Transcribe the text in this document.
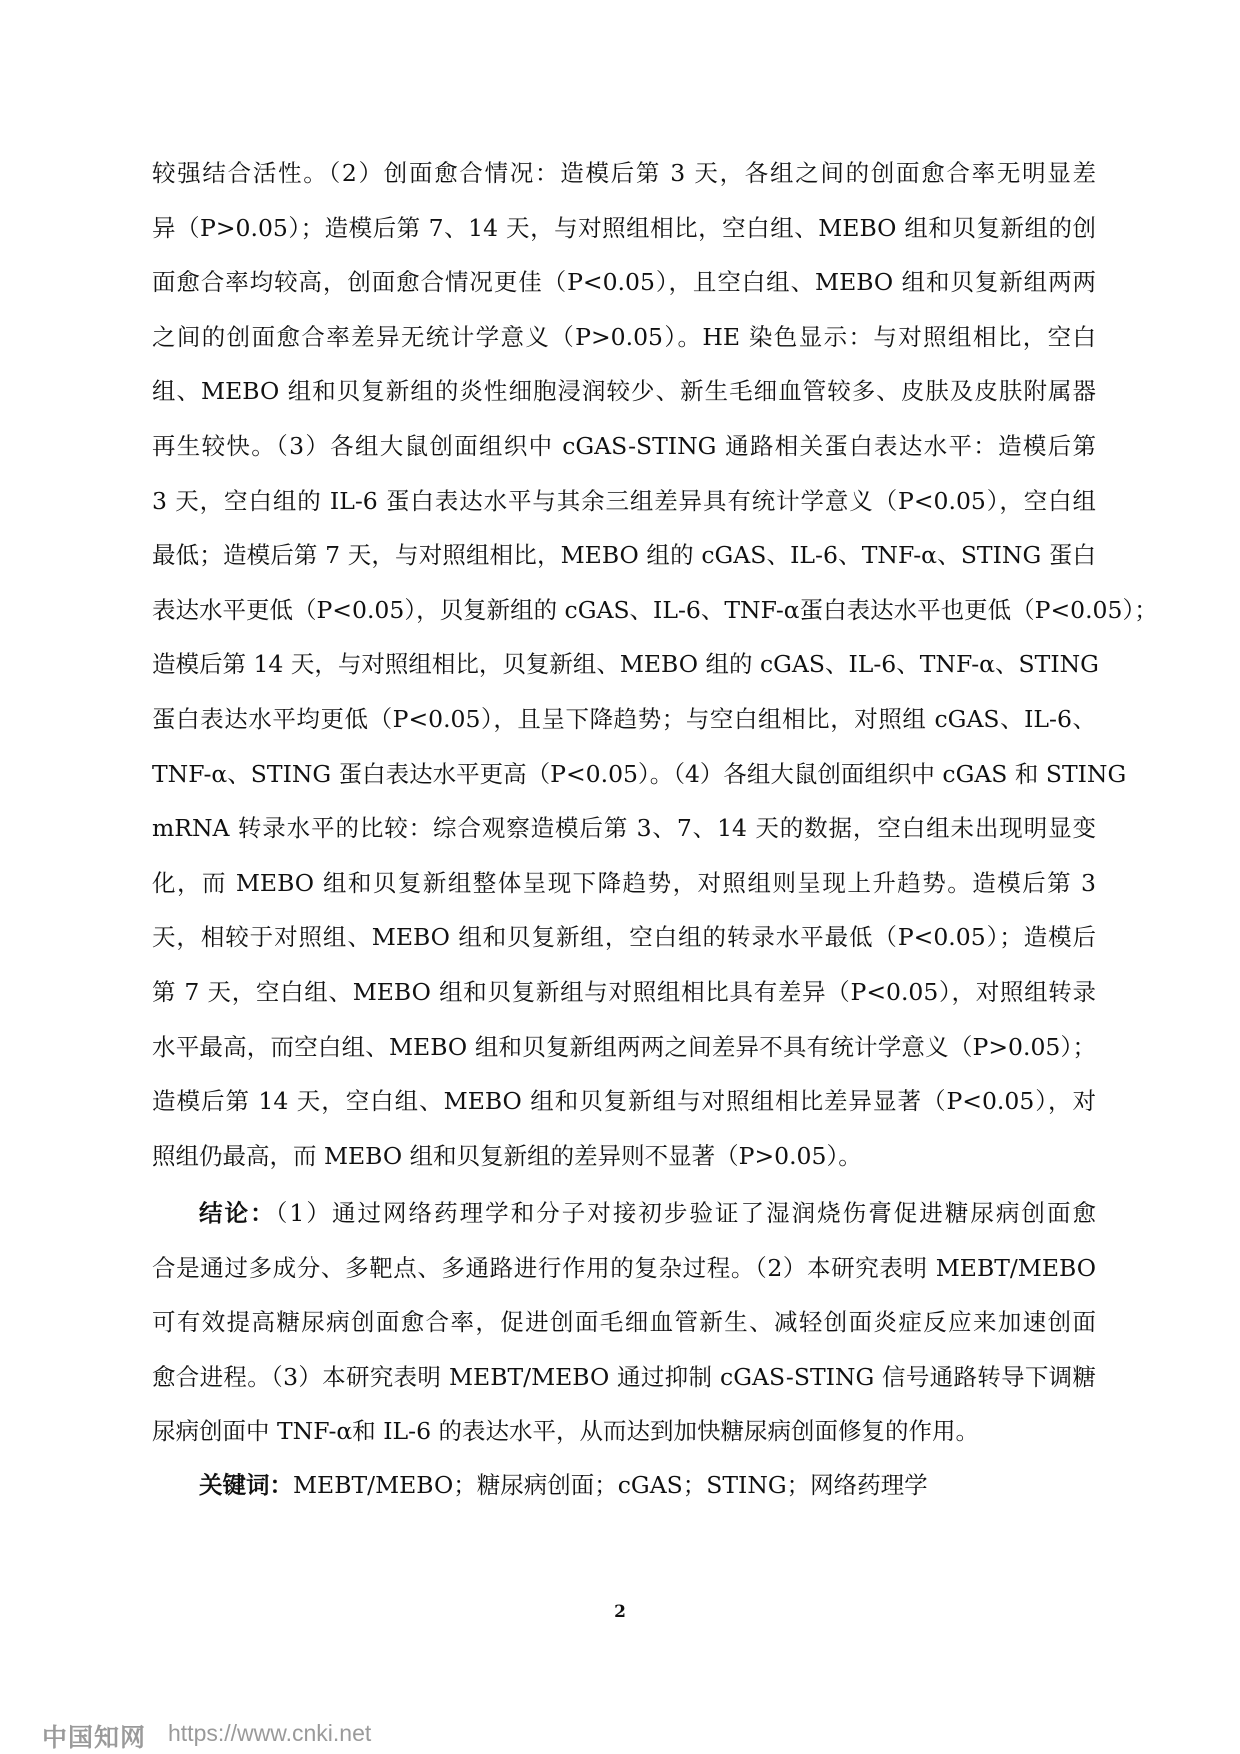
较强结合活性。（2）创面愈合情况：造模后第 3 天，各组之间的创面愈合率无明显差
异（P>0.05）；造模后第 7、14 天，与对照组相比，空白组、MEBO 组和贝复新组的创
面愈合率均较高，创面愈合情况更佳（P<0.05），且空白组、MEBO 组和贝复新组两两
之间的创面愈合率差异无统计学意义（P>0.05）。HE 染色显示：与对照组相比，空白
组、MEBO 组和贝复新组的炎性细胞浸润较少、新生毛细血管较多、皮肤及皮肤附属器
再生较快。（3）各组大鼠创面组织中 cGAS-STING 通路相关蛋白表达水平：造模后第
3 天，空白组的 IL-6 蛋白表达水平与其余三组差异具有统计学意义（P<0.05），空白组
最低；造模后第 7 天，与对照组相比，MEBO 组的 cGAS、IL-6、TNF-α、STING 蛋白
表达水平更低（P<0.05），贝复新组的 cGAS、IL-6、TNF-α蛋白表达水平也更低（P<0.05）；
造模后第 14 天，与对照组相比，贝复新组、MEBO 组的 cGAS、IL-6、TNF-α、STING
蛋白表达水平均更低（P<0.05），且呈下降趋势；与空白组相比，对照组 cGAS、IL-6、
TNF-α、STING 蛋白表达水平更高（P<0.05）。（4）各组大鼠创面组织中 cGAS 和 STING
mRNA 转录水平的比较：综合观察造模后第 3、7、14 天的数据，空白组未出现明显变
化，而 MEBO 组和贝复新组整体呈现下降趋势，对照组则呈现上升趋势。造模后第 3
天，相较于对照组、MEBO 组和贝复新组，空白组的转录水平最低（P<0.05）；造模后
第 7 天，空白组、MEBO 组和贝复新组与对照组相比具有差异（P<0.05），对照组转录
水平最高，而空白组、MEBO 组和贝复新组两两之间差异不具有统计学意义（P>0.05）；
造模后第 14 天，空白组、MEBO 组和贝复新组与对照组相比差异显著（P<0.05），对
照组仍最高，而 MEBO 组和贝复新组的差异则不显著（P>0.05）。
结论：（1）通过网络药理学和分子对接初步验证了湿润烧伤膏促进糖尿病创面愈
合是通过多成分、多靶点、多通路进行作用的复杂过程。（2）本研究表明 MEBT/MEBO
可有效提高糖尿病创面愈合率，促进创面毛细血管新生、减轻创面炎症反应来加速创面
愈合进程。（3）本研究表明 MEBT/MEBO 通过抑制 cGAS-STING 信号通路转导下调糖
尿病创面中 TNF-α和 IL-6 的表达水平，从而达到加快糖尿病创面修复的作用。
关键词：MEBT/MEBO；糖尿病创面；cGAS；STING；网络药理学
2
中国知网 https://www.cnki.net
